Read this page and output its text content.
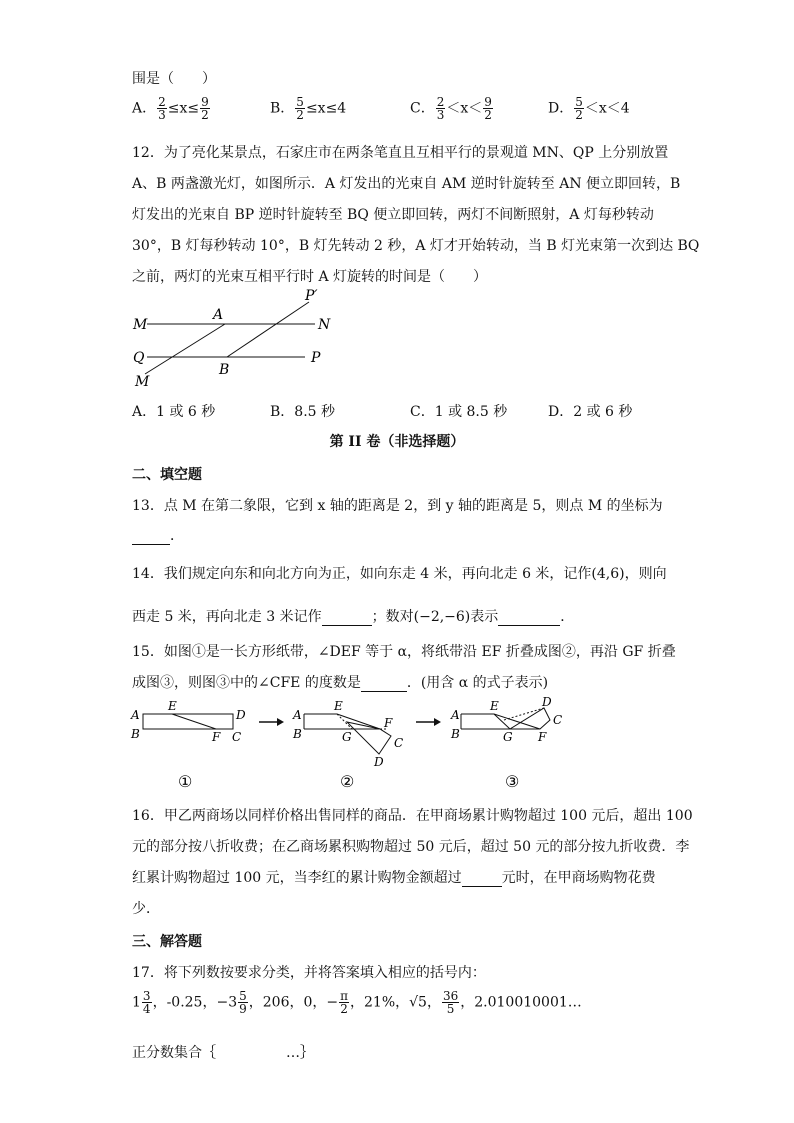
围是（　　）
A． $\frac{2}{3} \le x\le \frac{9}{2}$	B． $\frac{5}{2} \le x\le 4$	C． $\frac{2}{3} <x< \frac{9}{2}$	D． $\frac{5}{2} <x<4$
12．为了亮化某景点，石家庄市在两条笔直且互相平行的景观道 MN、QP 上分别放置
A、B 两盏激光灯，如图所示．A 灯发出的光束自 AM 逆时针旋转至 AN 便立即回转，B
灯发出的光束自 BP 逆时针旋转至 BQ 便立即回转，两灯不间断照射，A 灯每秒转动
30°，B 灯每秒转动 10°，B 灯先转动 2 秒，A 灯才开始转动，当 B 灯光束第一次到达 BQ
之前，两灯的光束互相平行时 A 灯旋转的时间是（　　）
M
A
N
P′
Q	P
B
M
A．1 或 6 秒	B．8.5 秒	C．1 或 8.5 秒	D．2 或 6 秒
第 II 卷（非选择题）
二、填空题
13．点 M 在第二象限，它到 x 轴的距离是 2，到 y 轴的距离是 5，则点 M 的坐标为
．
14．我们规定向东和向北方向为正，如向东走 4 米，再向北走 6 米，记作(4,6)，则向
西走 5 米，再向北走 3 米记作	；数对(−2,−6)表示	．
15．如图①是一长方形纸带，∠DEF 等于 α，将纸带沿 EF 折叠成图②，再沿 GF 折叠
成图③，则图③中的∠CFE 的度数是	．(用含 α 的式子表示)
A
B
E
D
F C
①
A
B
E
F
G	C
D
②
A
B
E	D
C
G F
③
16．甲乙两商场以同样价格出售同样的商品．在甲商场累计购物超过 100 元后，超出 100
元的部分按八折收费；在乙商场累积购物超过 50 元后，超过 50 元的部分按九折收费．李
红累计购物超过 100 元，当李红的累计购物金额超过	元时，在甲商场购物花费
少．
三、解答题
17．将下列数按要求分类，并将答案填入相应的括号内：
$1 \frac{3}{4}$ ，-0.25，$-3 \frac{5}{9}$ ，206，0，− $\frac{\pi}{2}$ ，21%，√5， $\frac{36}{5}$ ，2.010010001…
正分数集合｛　　　　　…｝
